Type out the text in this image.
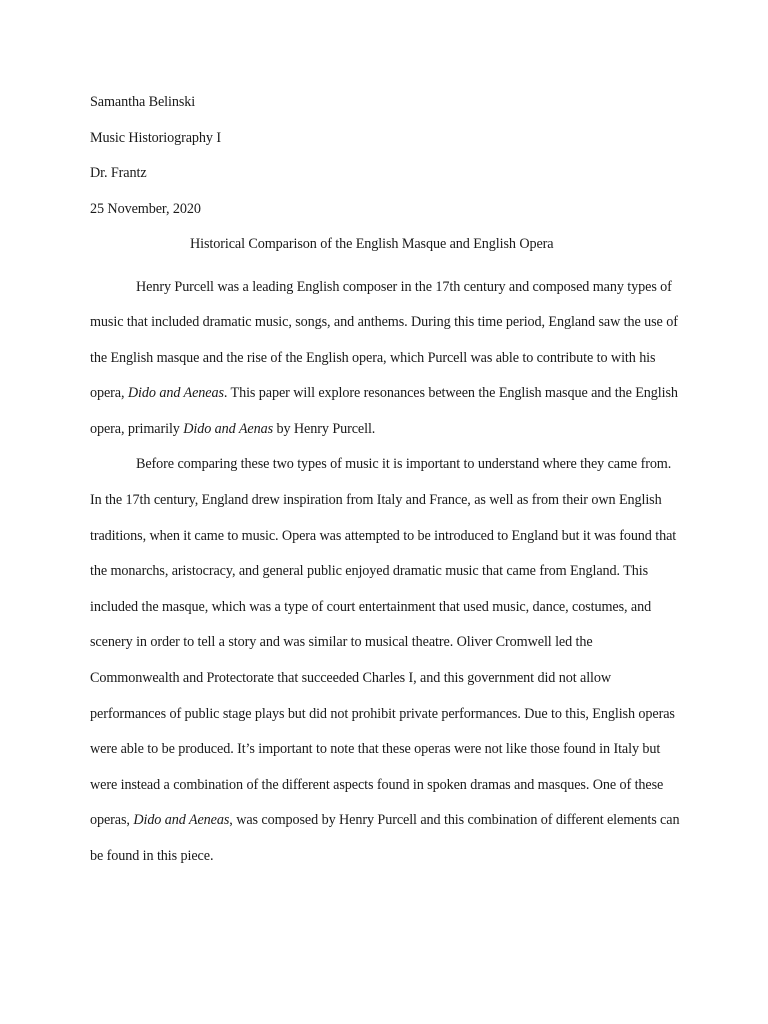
Samantha Belinski
Music Historiography I
Dr. Frantz
25 November, 2020
Historical Comparison of the English Masque and English Opera

Henry Purcell was a leading English composer in the 17th century and composed many types of music that included dramatic music, songs, and anthems. During this time period, England saw the use of the English masque and the rise of the English opera, which Purcell was able to contribute to with his opera, Dido and Aeneas. This paper will explore resonances between the English masque and the English opera, primarily Dido and Aenas by Henry Purcell.

Before comparing these two types of music it is important to understand where they came from. In the 17th century, England drew inspiration from Italy and France, as well as from their own English traditions, when it came to music. Opera was attempted to be introduced to England but it was found that the monarchs, aristocracy, and general public enjoyed dramatic music that came from England. This included the masque, which was a type of court entertainment that used music, dance, costumes, and scenery in order to tell a story and was similar to musical theatre. Oliver Cromwell led the Commonwealth and Protectorate that succeeded Charles I, and this government did not allow performances of public stage plays but did not prohibit private performances. Due to this, English operas were able to be produced. It’s important to note that these operas were not like those found in Italy but were instead a combination of the different aspects found in spoken dramas and masques. One of these operas, Dido and Aeneas, was composed by Henry Purcell and this combination of different elements can be found in this piece.
